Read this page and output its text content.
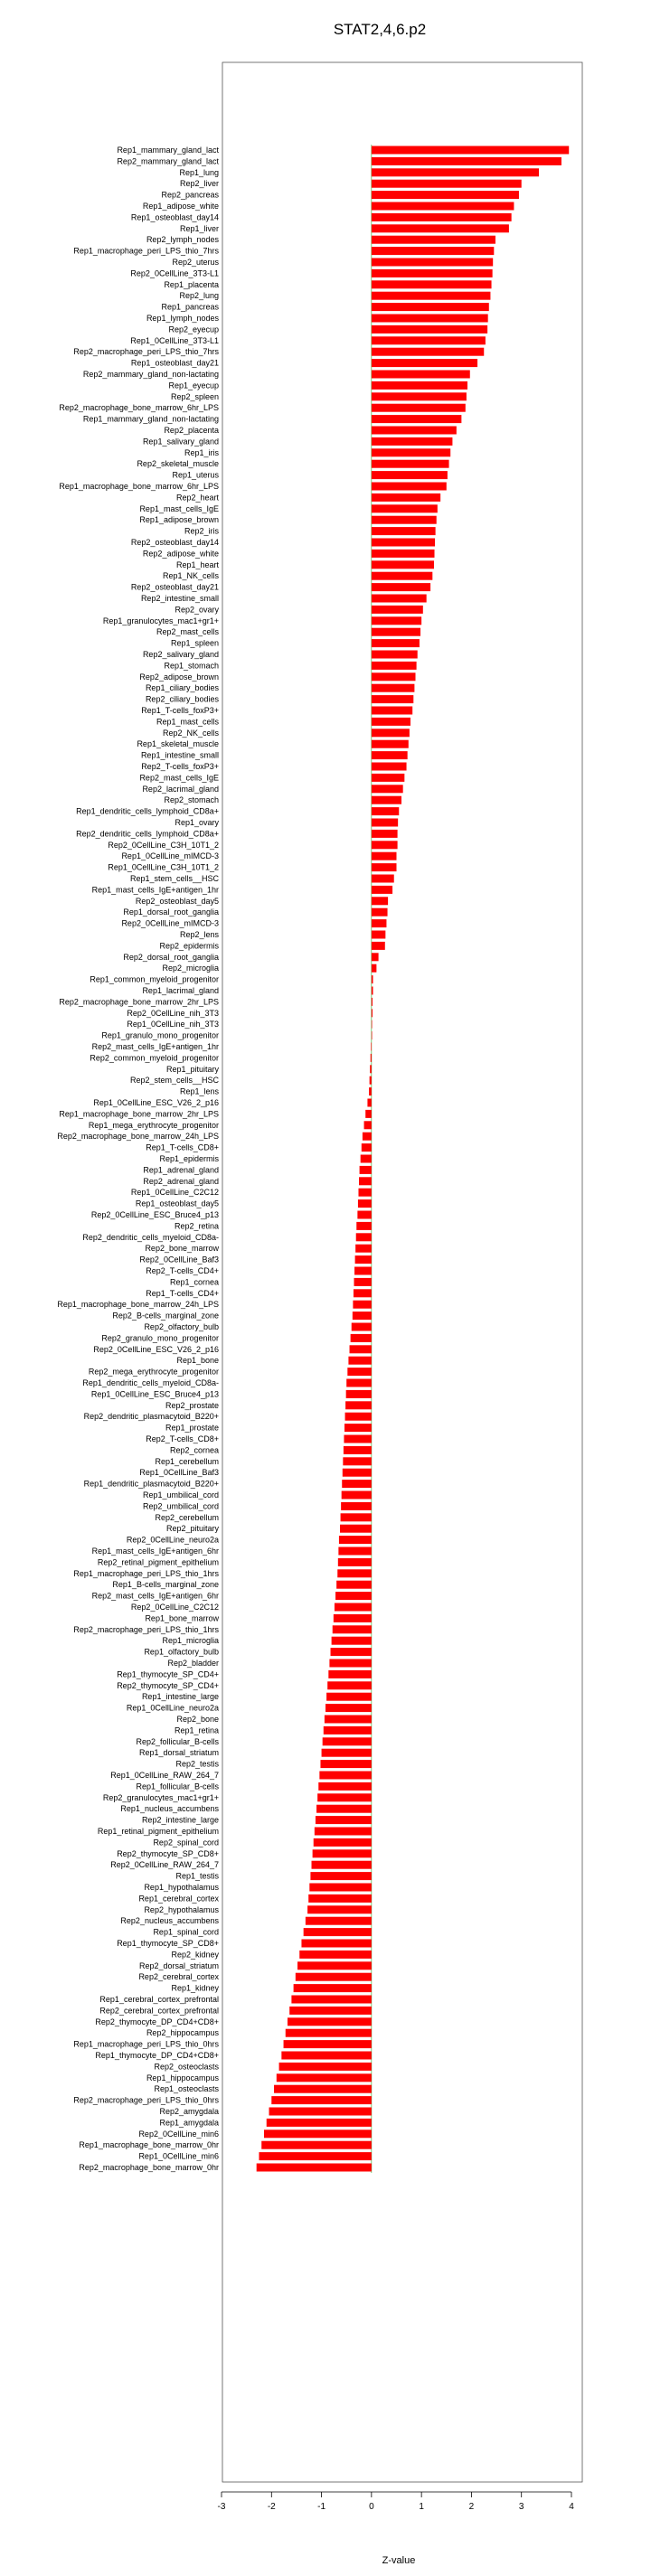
STAT2,4,6.p2
Rep1_mammary_gland_lact
Rep2_mammary_gland_lact
Rep1_lung
Rep2_liver
Rep2_pancreas
Rep1_adipose_white
Rep1_osteoblast_day14
Rep1_liver
Rep2_lymph_nodes
Rep1_macrophage_peri_LPS_thio_7hrs
Rep2_uterus
Rep2_0CellLine_3T3-L1
Rep1_placenta
Rep2_lung
Rep1_pancreas
Rep1_lymph_nodes
Rep2_eyecup
Rep1_0CellLine_3T3-L1
Rep2_macrophage_peri_LPS_thio_7hrs
Rep1_osteoblast_day21
Rep2_mammary_gland_non-lactating
Rep1_eyecup
Rep2_spleen
Rep2_macrophage_bone_marrow_6hr_LPS
Rep1_mammary_gland_non-lactating
Rep2_placenta
Rep1_salivary_gland
Rep1_iris
Rep2_skeletal_muscle
Rep1_uterus
Rep1_macrophage_bone_marrow_6hr_LPS
Rep2_heart
Rep1_mast_cells_IgE
Rep1_adipose_brown
Rep2_iris
Rep2_osteoblast_day14
Rep2_adipose_white
Rep1_heart
Rep1_NK_cells
Rep2_osteoblast_day21
Rep2_intestine_small
Rep2_ovary
Rep1_granulocytes_mac1+gr1+
Rep2_mast_cells
Rep1_spleen
Rep2_salivary_gland
Rep1_stomach
Rep2_adipose_brown
Rep1_ciliary_bodies
Rep2_ciliary_bodies
Rep1_T-cells_foxP3+
Rep1_mast_cells
Rep2_NK_cells
Rep1_skeletal_muscle
Rep1_intestine_small
Rep2_T-cells_foxP3+
Rep2_mast_cells_IgE
Rep2_lacrimal_gland
Rep2_stomach
Rep1_dendritic_cells_lymphoid_CD8a+
Rep1_ovary
Rep2_dendritic_cells_lymphoid_CD8a+
Rep2_0CellLine_C3H_10T1_2
Rep1_0CellLine_mIMCD-3
Rep1_0CellLine_C3H_10T1_2
Rep1_stem_cells__HSC
Rep1_mast_cells_IgE+antigen_1hr
Rep2_osteoblast_day5
Rep1_dorsal_root_ganglia
Rep2_0CellLine_mIMCD-3
Rep2_lens
Rep2_epidermis
Rep2_dorsal_root_ganglia
Rep2_microglia
Rep1_common_myeloid_progenitor
Rep1_lacrimal_gland
Rep2_macrophage_bone_marrow_2hr_LPS
Rep2_0CellLine_nih_3T3
Rep1_0CellLine_nih_3T3
Rep1_granulo_mono_progenitor
Rep2_mast_cells_IgE+antigen_1hr
Rep2_common_myeloid_progenitor
Rep1_pituitary
Rep2_stem_cells__HSC
Rep1_lens
Rep1_0CellLine_ESC_V26_2_p16
Rep1_macrophage_bone_marrow_2hr_LPS
Rep1_mega_erythrocyte_progenitor
Rep2_macrophage_bone_marrow_24h_LPS
Rep1_T-cells_CD8+
Rep1_epidermis
Rep1_adrenal_gland
Rep2_adrenal_gland
Rep1_0CellLine_C2C12
Rep1_osteoblast_day5
Rep2_0CellLine_ESC_Bruce4_p13
Rep2_retina
Rep2_dendritic_cells_myeloid_CD8a-
Rep2_bone_marrow
Rep2_0CellLine_Baf3
Rep2_T-cells_CD4+
Rep1_cornea
Rep1_T-cells_CD4+
Rep1_macrophage_bone_marrow_24h_LPS
Rep2_B-cells_marginal_zone
Rep2_olfactory_bulb
Rep2_granulo_mono_progenitor
Rep2_0CellLine_ESC_V26_2_p16
Rep1_bone
Rep2_mega_erythrocyte_progenitor
Rep1_dendritic_cells_myeloid_CD8a-
Rep1_0CellLine_ESC_Bruce4_p13
Rep2_prostate
Rep2_dendritic_plasmacytoid_B220+
Rep1_prostate
Rep2_T-cells_CD8+
Rep2_cornea
Rep1_cerebellum
Rep1_0CellLine_Baf3
Rep1_dendritic_plasmacytoid_B220+
Rep1_umbilical_cord
Rep2_umbilical_cord
Rep2_cerebellum
Rep2_pituitary
Rep2_0CellLine_neuro2a
Rep1_mast_cells_IgE+antigen_6hr
Rep2_retinal_pigment_epithelium
Rep1_macrophage_peri_LPS_thio_1hrs
Rep1_B-cells_marginal_zone
Rep2_mast_cells_IgE+antigen_6hr
Rep2_0CellLine_C2C12
Rep1_bone_marrow
Rep2_macrophage_peri_LPS_thio_1hrs
Rep1_microglia
Rep1_olfactory_bulb
Rep2_bladder
Rep1_thymocyte_SP_CD4+
Rep2_thymocyte_SP_CD4+
Rep1_intestine_large
Rep1_0CellLine_neuro2a
Rep2_bone
Rep1_retina
Rep2_follicular_B-cells
Rep1_dorsal_striatum
Rep2_testis
Rep1_0CellLine_RAW_264_7
Rep1_follicular_B-cells
Rep2_granulocytes_mac1+gr1+
Rep1_nucleus_accumbens
Rep2_intestine_large
Rep1_retinal_pigment_epithelium
Rep2_spinal_cord
Rep2_thymocyte_SP_CD8+
Rep2_0CellLine_RAW_264_7
Rep1_testis
Rep1_hypothalamus
Rep1_cerebral_cortex
Rep2_hypothalamus
Rep2_nucleus_accumbens
Rep1_spinal_cord
Rep1_thymocyte_SP_CD8+
Rep2_kidney
Rep2_dorsal_striatum
Rep2_cerebral_cortex
Rep1_kidney
Rep1_cerebral_cortex_prefrontal
Rep2_cerebral_cortex_prefrontal
Rep2_thymocyte_DP_CD4+CD8+
Rep2_hippocampus
Rep1_macrophage_peri_LPS_thio_0hrs
Rep1_thymocyte_DP_CD4+CD8+
Rep2_osteoclasts
Rep1_hippocampus
Rep1_osteoclasts
Rep2_macrophage_peri_LPS_thio_0hrs
Rep2_amygdala
Rep1_amygdala
Rep2_0CellLine_min6
Rep1_macrophage_bone_marrow_0hr
Rep1_0CellLine_min6
Rep2_macrophage_bone_marrow_0hr
-3	-2	-1	0	1	2	3	4
Z-value
